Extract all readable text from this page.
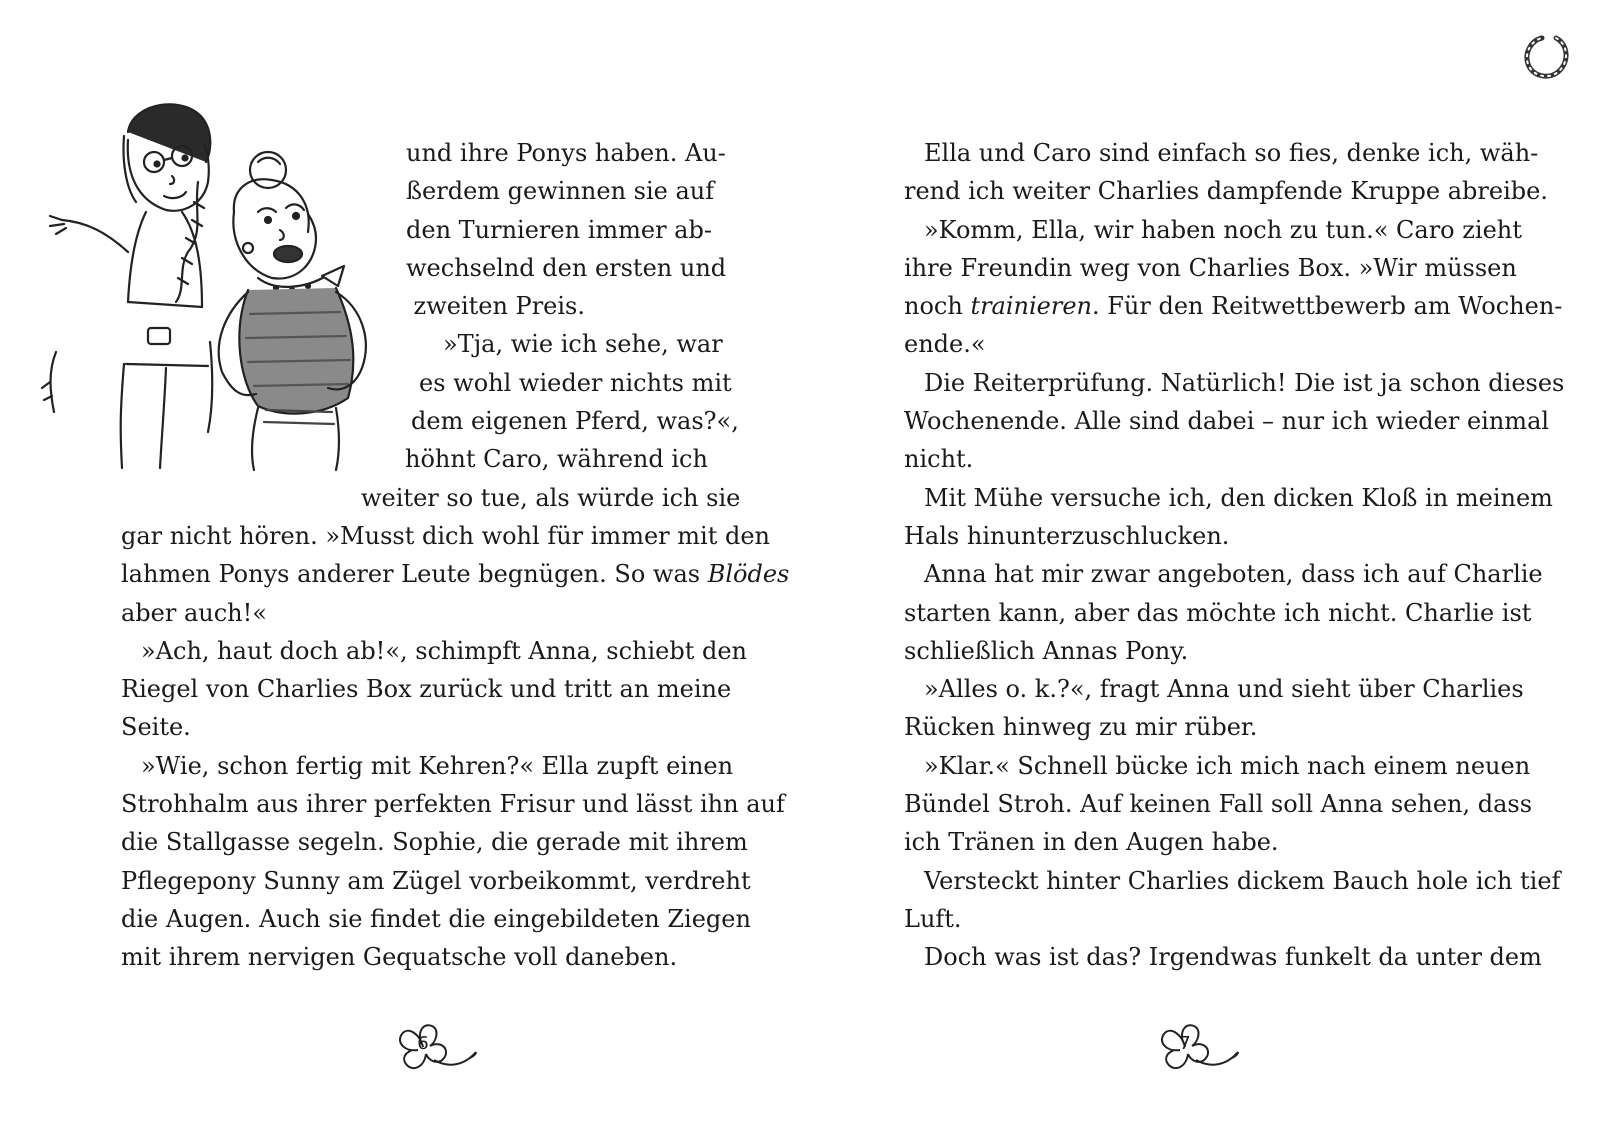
und ihre Ponys haben. Au-
ßerdem gewinnen sie auf
den Turnieren immer ab-
wechselnd den ersten und
zweiten Preis.
»Tja, wie ich sehe, war
es wohl wieder nichts mit
dem eigenen Pferd, was?«,
höhnt Caro, während ich
weiter so tue, als würde ich sie
gar nicht hören. »Musst dich wohl für immer mit den
lahmen Ponys anderer Leute begnügen. So was Blödes
aber auch!«
»Ach, haut doch ab!«, schimpft Anna, schiebt den
Riegel von Charlies Box zurück und tritt an meine
Seite.
»Wie, schon fertig mit Kehren?« Ella zupft einen
Strohhalm aus ihrer perfekten Frisur und lässt ihn auf
die Stallgasse segeln. Sophie, die gerade mit ihrem
Pflegepony Sunny am Zügel vorbeikommt, verdreht
die Augen. Auch sie findet die eingebildeten Ziegen
mit ihrem nervigen Gequatsche voll daneben.
Ella und Caro sind einfach so fies, denke ich, wäh-
rend ich weiter Charlies dampfende Kruppe abreibe.
»Komm, Ella, wir haben noch zu tun.« Caro zieht
ihre Freundin weg von Charlies Box. »Wir müssen
noch trainieren. Für den Reitwettbewerb am Wochen-
ende.«
Die Reiterprüfung. Natürlich! Die ist ja schon dieses
Wochenende. Alle sind dabei – nur ich wieder einmal
nicht.
Mit Mühe versuche ich, den dicken Kloß in meinem
Hals hinunterzuschlucken.
Anna hat mir zwar angeboten, dass ich auf Charlie
starten kann, aber das möchte ich nicht. Charlie ist
schließlich Annas Pony.
»Alles o. k.?«, fragt Anna und sieht über Charlies
Rücken hinweg zu mir rüber.
»Klar.« Schnell bücke ich mich nach einem neuen
Bündel Stroh. Auf keinen Fall soll Anna sehen, dass
ich Tränen in den Augen habe.
Versteckt hinter Charlies dickem Bauch hole ich tief
Luft.
Doch was ist das? Irgendwas funkelt da unter dem
6	7
